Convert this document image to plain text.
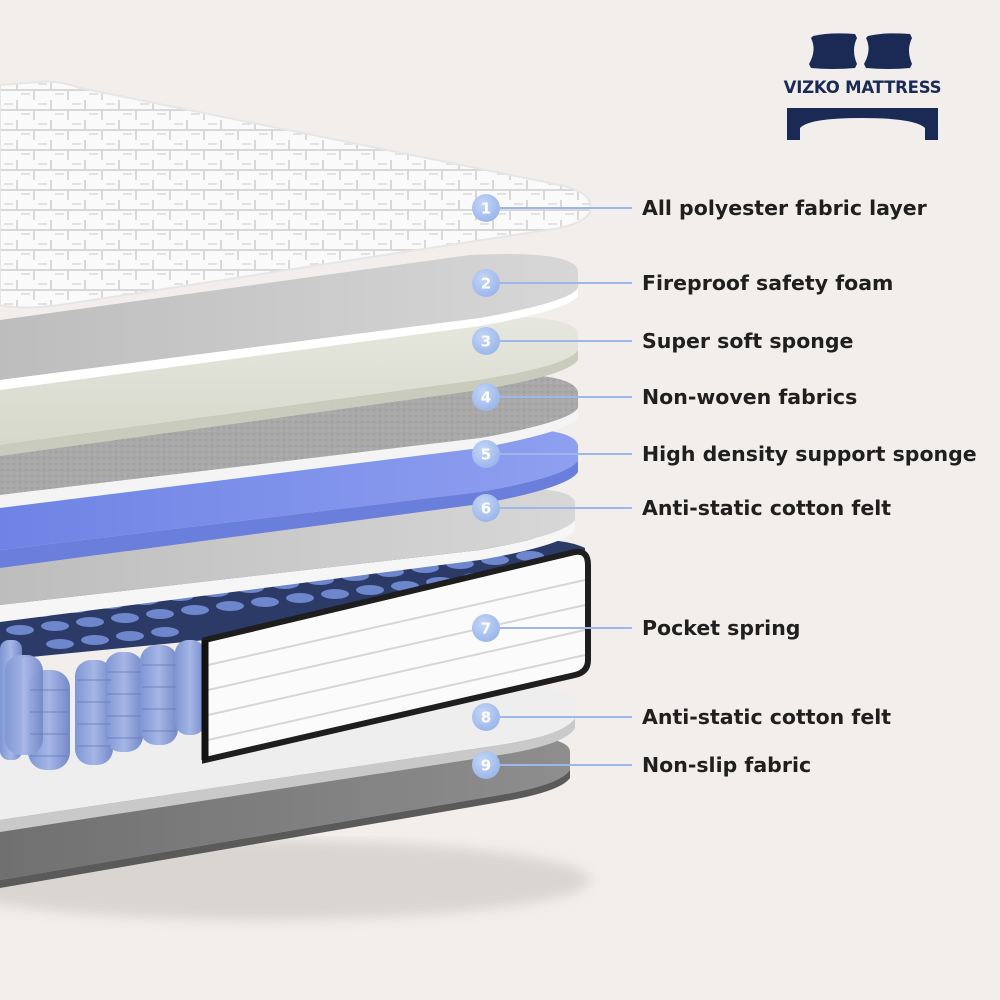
1
2
3
4
5
6
7
8
9
VIZKO MATTRESS
All polyester fabric layer
Fireproof safety foam
Super soft sponge
Non-woven fabrics
High density support sponge
Anti-static cotton felt
Pocket spring
Anti-static cotton felt
Non-slip fabric
